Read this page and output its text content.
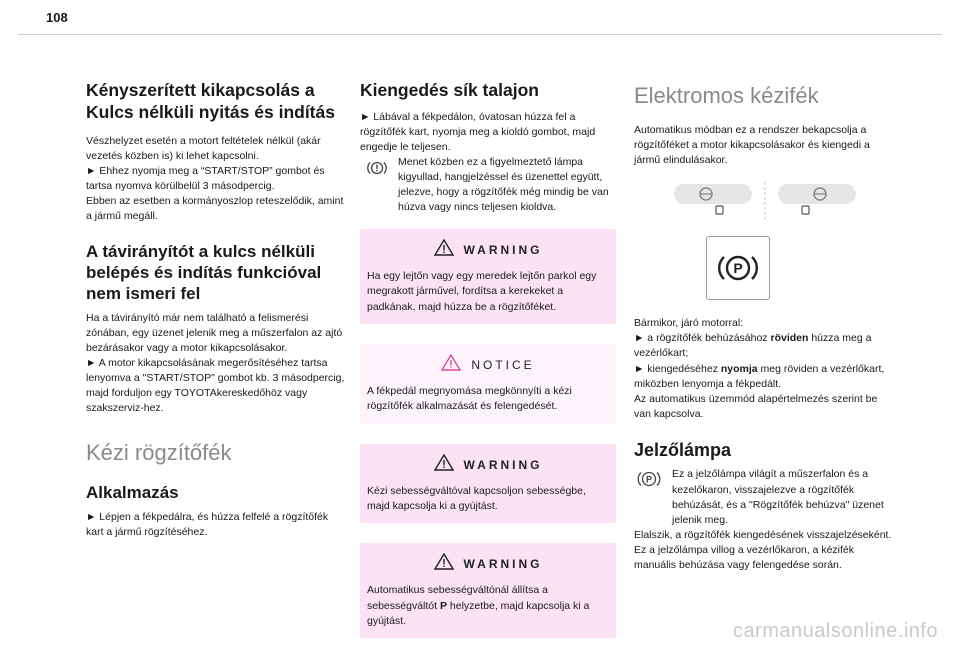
108
Kényszerített kikapcsolás a Kulcs nélküli nyitás és indítás

Vészhelyzet esetén a motort feltételek nélkül (akár vezetés közben is) ki lehet kapcsolni.

► Ehhez nyomja meg a “START/STOP” gombot és tartsa nyomva körülbelül 3 másodpercig.

Ebben az esetben a kormányoszlop reteszelődik, amint a jármű megáll.

A távirányítót a kulcs nélküli belépés és indítás funkcióval nem ismeri fel

Ha a távirányító már nem található a felismerési zónában, egy üzenet jelenik meg a műszerfalon az ajtó bezárásakor vagy a motor kikapcsolásakor.

► A motor kikapcsolásának megerősítéséhez tartsa lenyomva a "START/STOP" gombot kb. 3 másodpercig, majd forduljon egy TOYOTAkereskedőhöz vagy szakszerviz-hez.

Kézi rögzítőfék
Alkalmazás

► Lépjen a fékpedálra, és húzza felfelé a rögzítőfék kart a jármű rögzítéséhez.

Kiengedés sík talajon

► Lábával a fékpedálon, óvatosan húzza fel a rögzítőfék kart, nyomja meg a kioldó gombot, majd engedje le teljesen.

Menet közben ez a figyelmeztető lámpa kigyullad, hangjelzéssel és üzenettel együtt, jelezve, hogy a rögzítőfék még mindig be van húzva vagy nincs teljesen kioldva.

WARNING

Ha egy lejtőn vagy egy meredek lejtőn parkol egy megrakott járművel, fordítsa a kerekeket a padkának, majd húzza be a rögzítőféket.

NOTICE

A fékpedál megnyomása megkönnyíti a kézi rögzítőfék alkalmazását és felengedését.

WARNING

Kézi sebességváltóval kapcsoljon sebességbe, majd kapcsolja ki a gyújtást.

WARNING

Automatikus sebességváltónál állítsa a sebességváltót P helyzetbe, majd kapcsolja ki a gyújtást.

Elektromos kézifék

Automatikus módban ez a rendszer bekapcsolja a rögzítőféket a motor kikapcsolásakor és kiengedi a jármű elindulásakor.

P

Bármikor, járó motorral:

► a rögzítőfék behúzásához röviden húzza meg a vezérlőkart;

► kiengedéséhez nyomja meg röviden a vezérlőkart, miközben lenyomja a fékpedált.

Az automatikus üzemmód alapértelmezés szerint be van kapcsolva.

Jelzőlámpa
P	Ez a jelzőlámpa világít a műszerfalon és a kezelőkaron, visszajelezve a rögzítőfék behúzását, és a "Rögzítőfék behúzva" üzenet jelenik meg.

Elalszik, a rögzítőfék kiengedésének visszajelzéseként.

Ez a jelzőlámpa villog a vezérlőkaron, a kézifék manuális behúzása vagy felengedése során.

carmanualsonline.info
